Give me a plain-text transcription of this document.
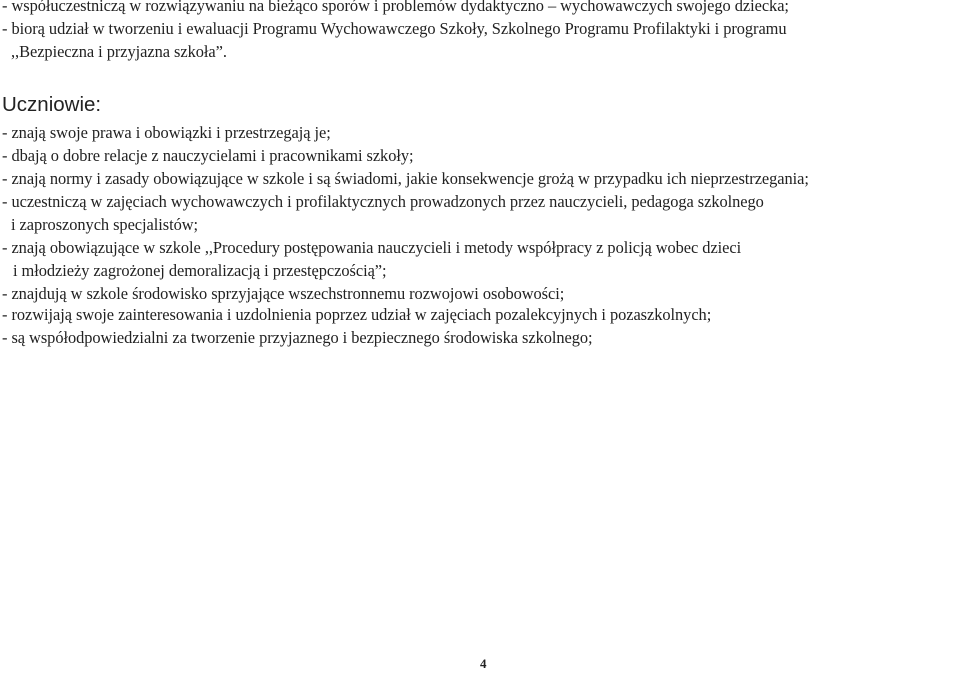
- współuczestniczą w rozwiązywaniu na bieżąco sporów i problemów dydaktyczno – wychowawczych swojego dziecka;
- biorą udział w tworzeniu i ewaluacji Programu Wychowawczego Szkoły, Szkolnego Programu Profilaktyki i programu
,,Bezpieczna i przyjazna szkoła”.
Uczniowie:
- znają swoje prawa i obowiązki i przestrzegają je;
- dbają o dobre relacje z nauczycielami i pracownikami szkoły;
- znają normy i zasady obowiązujące w szkole i są świadomi, jakie konsekwencje grożą w przypadku ich nieprzestrzegania;
- uczestniczą w zajęciach wychowawczych i profilaktycznych prowadzonych przez nauczycieli, pedagoga szkolnego
i zaproszonych specjalistów;
- znają obowiązujące w szkole ,,Procedury postępowania nauczycieli i metody współpracy z policją wobec dzieci
i młodzieży zagrożonej demoralizacją i przestępczością”;
- znajdują w szkole środowisko sprzyjające wszechstronnemu rozwojowi osobowości;
- rozwijają swoje zainteresowania i uzdolnienia poprzez udział w zajęciach pozalekcyjnych i pozaszkolnych;
- są współodpowiedzialni za tworzenie przyjaznego i bezpiecznego środowiska szkolnego;
4
